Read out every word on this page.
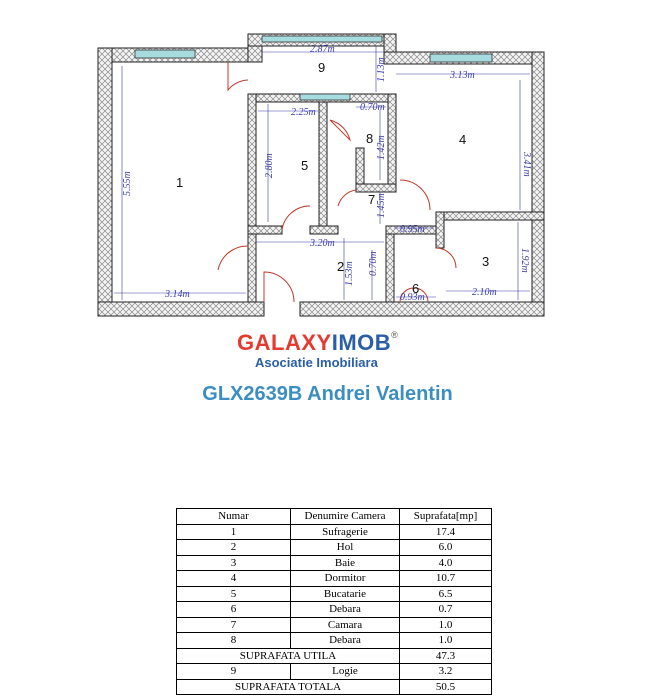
2.87m
1.13m	3.13m
2.25m	0.70m
1.42m
3.41m
2.80m
5.55m
1.45m
0.95m
3.20m
1.53m 0.70m	1.92m
3.14m	0.93m	2.10m
1
2	3
4
5
6
7
8
9
GALAXYIMOB®
Asociatie Imobiliara
GLX2639B Andrei Valentin
Numar	Denumire Camera	Suprafata[mp]
1	Sufragerie	17.4
2	Hol	6.0
3	Baie	4.0
4	Dormitor	10.7
5	Bucatarie	6.5
6	Debara	0.7
7	Camara	1.0
8	Debara	1.0
SUPRAFATA UTILA		47.3
9	Logie	3.2
SUPRAFATA TOTALA		50.5
